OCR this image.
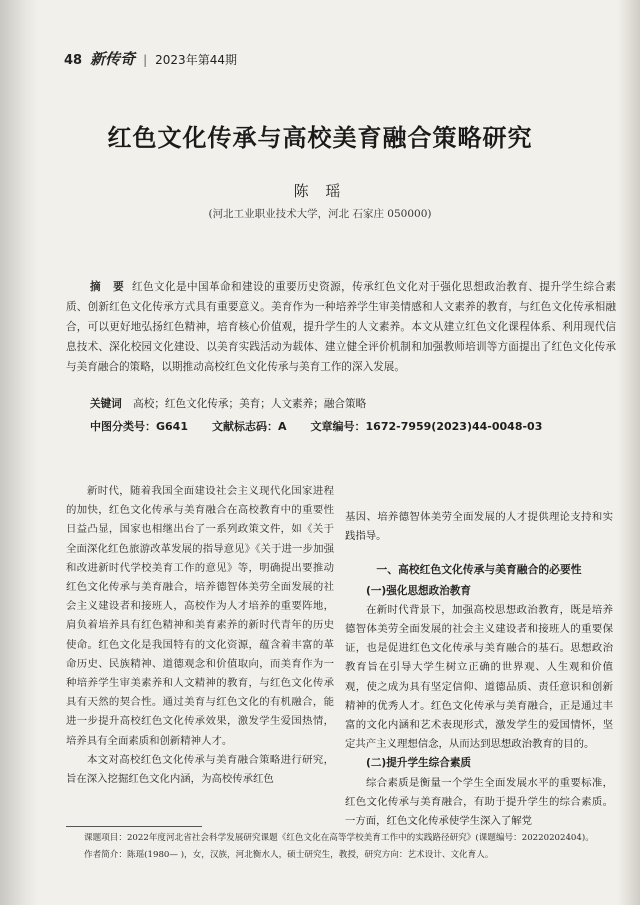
48 新传奇 | 2023年第44期
红色文化传承与高校美育融合策略研究
陈 瑶
(河北工业职业技术大学，河北 石家庄 050000)
摘 要 红色文化是中国革命和建设的重要历史资源，传承红色文化对于强化思想政治教育、提升学生综合素质、创新红色文化传承方式具有重要意义。美育作为一种培养学生审美情感和人文素养的教育，与红色文化传承相融合，可以更好地弘扬红色精神，培育核心价值观，提升学生的人文素养。本文从建立红色文化课程体系、利用现代信息技术、深化校园文化建设、以美育实践活动为载体、建立健全评价机制和加强教师培训等方面提出了红色文化传承与美育融合的策略，以期推动高校红色文化传承与美育工作的深入发展。
关键词 高校；红色文化传承；美育；人文素养；融合策略
中图分类号：G641 文献标志码：A 文章编号：1672-7959(2023)44-0048-03

新时代，随着我国全面建设社会主义现代化国家进程的加快，红色文化传承与美育融合在高校教育中的重要性日益凸显，国家也相继出台了一系列政策文件，如《关于全面深化红色旅游改革发展的指导意见》《关于进一步加强和改进新时代学校美育工作的意见》等，明确提出要推动红色文化传承与美育融合，培养德智体美劳全面发展的社会主义建设者和接班人，高校作为人才培养的重要阵地，肩负着培养具有红色精神和美育素养的新时代青年的历史使命。红色文化是我国特有的文化资源，蕴含着丰富的革命历史、民族精神、道德观念和价值取向，而美育作为一种培养学生审美素养和人文精神的教育，与红色文化传承具有天然的契合性。通过美育与红色文化的有机融合，能进一步提升高校红色文化传承效果，激发学生爱国热情，培养具有全面素质和创新精神人才。

本文对高校红色文化传承与美育融合策略进行研究，旨在深入挖掘红色文化内涵，为高校传承红色

基因、培养德智体美劳全面发展的人才提供理论支持和实践指导。
一、高校红色文化传承与美育融合的必要性
(一)强化思想政治教育

在新时代背景下，加强高校思想政治教育，既是培养德智体美劳全面发展的社会主义建设者和接班人的重要保证，也是促进红色文化传承与美育融合的基石。思想政治教育旨在引导大学生树立正确的世界观、人生观和价值观，使之成为具有坚定信仰、道德品质、责任意识和创新精神的优秀人才。红色文化传承与美育融合，正是通过丰富的文化内涵和艺术表现形式，激发学生的爱国情怀，坚定共产主义理想信念，从而达到思想政治教育的目的。

(二)提升学生综合素质

综合素质是衡量一个学生全面发展水平的重要标准，红色文化传承与美育融合，有助于提升学生的综合素质。一方面，红色文化传承使学生深入了解党

课题项目：2022年度河北省社会科学发展研究课题《红色文化在高等学校美育工作中的实践路径研究》(课题编号：20220202404)。

作者简介：陈瑶(1980— )，女，汉族，河北衡水人，硕士研究生，教授，研究方向：艺术设计、文化育人。
